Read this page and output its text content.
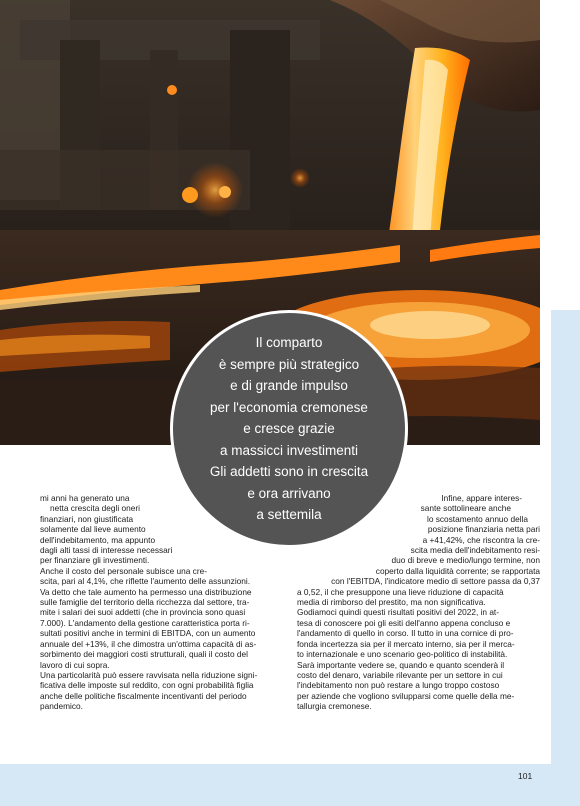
Il comparto
è sempre più strategico
e di grande impulso
per l'economia cremonese
e cresce grazie
a massicci investimenti
Gli addetti sono in crescita
e ora arrivano
a settemila
mi anni ha generato una
netta crescita degli oneri
finanziari, non giustificata
solamente dal lieve aumento
dell'indebitamento, ma appunto
dagli alti tassi di interesse necessari
per finanziare gli investimenti.
Anche il costo del personale subisce una cre-
scita, pari al 4,1%, che riflette l'aumento delle assunzioni.
Va detto che tale aumento ha permesso una distribuzione
sulle famiglie del territorio della ricchezza dal settore, tra-
mite i salari dei suoi addetti (che in provincia sono quasi
7.000). L'andamento della gestione caratteristica porta ri-
sultati positivi anche in termini di EBITDA, con un aumento
annuale del +13%, il che dimostra un'ottima capacità di as-
sorbimento dei maggiori costi strutturali, quali il costo del
lavoro di cui sopra.
Una particolarità può essere ravvisata nella riduzione signi-
ficativa delle imposte sul reddito, con ogni probabilità figlia
anche delle politiche fiscalmente incentivanti del periodo
pandemico.
Infine, appare interes-
sante sottolineare anche
lo scostamento annuo della
posizione finanziaria netta pari
a +41,42%, che riscontra la cre-
scita media dell'indebitamento resi-
duo di breve e medio/lungo termine, non
coperto dalla liquidità corrente; se rapportata
con l'EBITDA, l'indicatore medio di settore passa da 0,37
a 0,52, il che presuppone una lieve riduzione di capacità
media di rimborso del prestito, ma non significativa.
Godiamoci quindi questi risultati positivi del 2022, in at-
tesa di conoscere poi gli esiti dell'anno appena concluso e
l'andamento di quello in corso. Il tutto in una cornice di pro-
fonda incertezza sia per il mercato interno, sia per il merca-
to internazionale e uno scenario geo-politico di instabilità.
Sarà importante vedere se, quando e quanto scenderà il
costo del denaro, variabile rilevante per un settore in cui
l'indebitamento non può restare a lungo troppo costoso
per aziende che vogliono svilupparsi come quelle della me-
tallurgia cremonese.
101
